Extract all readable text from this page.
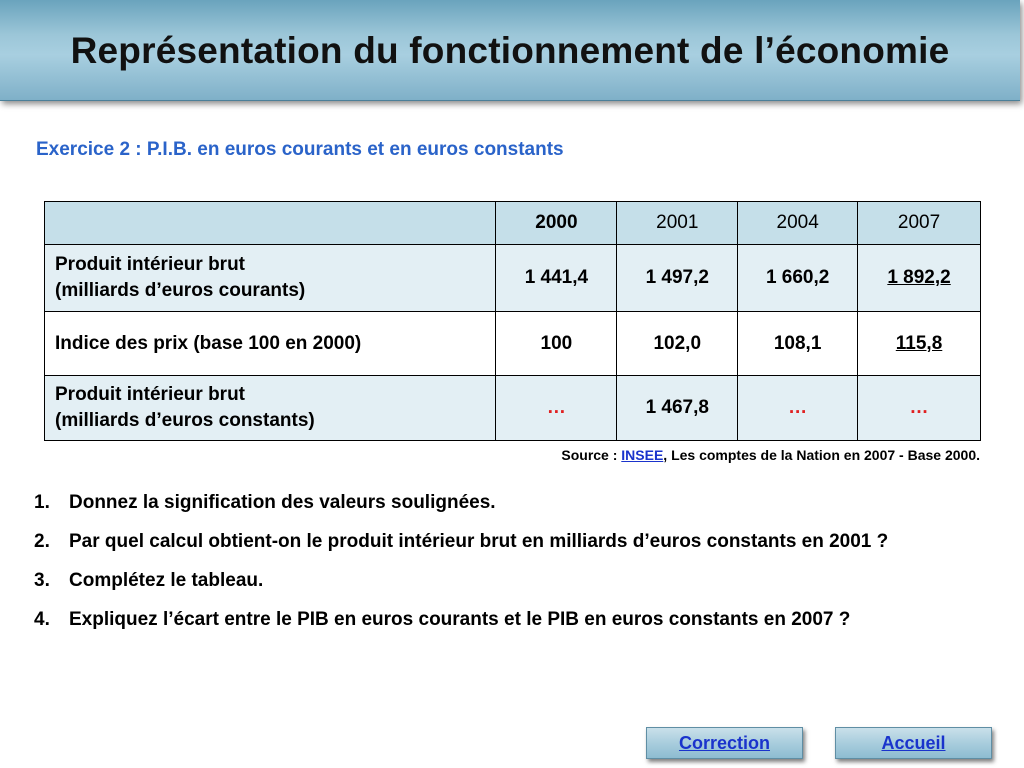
Représentation du fonctionnement de l’économie
Exercice 2 : P.I.B. en euros courants et en euros constants
	2000	2001	2004	2007

Produit intérieur brut
(milliards d’euros courants)	1 441,4	1 497,2	1 660,2	1 892,2

Indice des prix (base 100 en 2000)	100	102,0	108,1	115,8

Produit intérieur brut
(milliards d’euros constants)	…	1 467,8	…	…
Source : INSEE, Les comptes de la Nation en 2007 - Base 2000.
1. Donnez la signification des valeurs soulignées.
2. Par quel calcul obtient-on le produit intérieur brut en milliards d’euros constants en 2001 ?
3. Complétez le tableau.
4. Expliquez l’écart entre le PIB en euros courants et le PIB en euros constants en 2007 ?
Correction	Accueil
